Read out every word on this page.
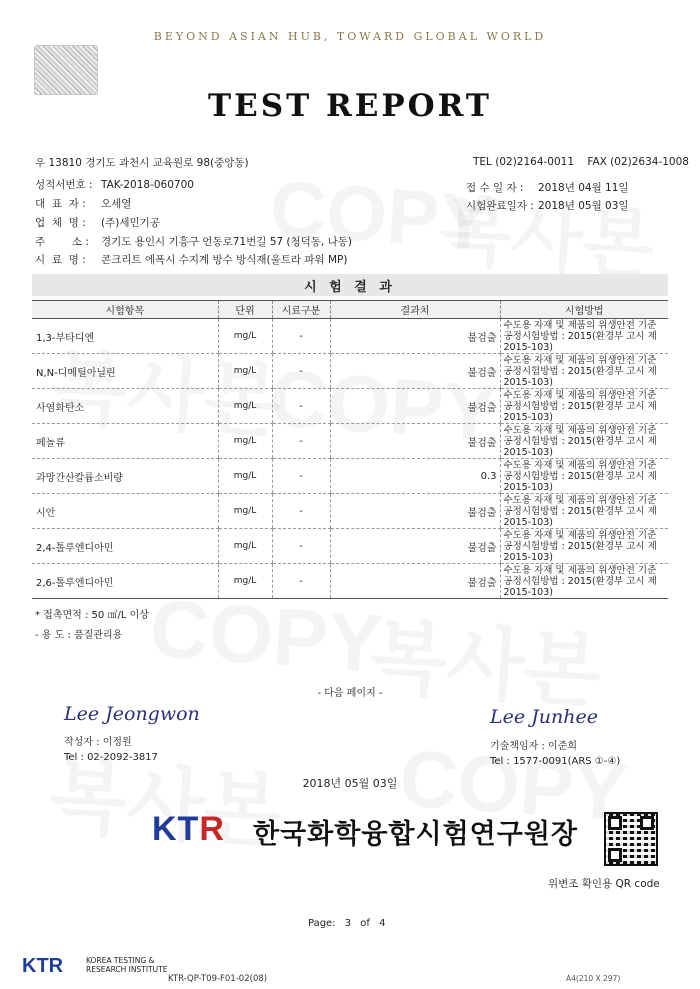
BEYOND ASIAN HUB, TOWARD GLOBAL WORLD
TEST REPORT
우 13810 경기도 과천시 교육원로 98(중앙동)	TEL (02)2164-0011 FAX (02)2634-1008
성적서번호 : TAK-2018-060700
대  표  자 : 오세열
업  체  명 : (주)세민기공
주        소 : 경기도 용인시 기흥구 언동로71번길 57 (청덕동, 나동)
접 수 일 자 : 2018년 04월 11일
시험완료일자 : 2018년 05월 03일
시  료  명 : 콘크리트 에폭시 수지계 방수 방식재(울트라 파워 MP)
시 험 결 과
시험항목	단위	시료구분	결과치	시험방법
1,3-부타디엔	mg/L	-	불검출	수도용 자재 및 제품의 위생안전 기준 공정시험방법 : 2015(환경부 고시 제2015-103)
N,N-디메틸아닐린	mg/L	-	불검출	수도용 자재 및 제품의 위생안전 기준 공정시험방법 : 2015(환경부 고시 제2015-103)
사염화탄소	mg/L	-	불검출	수도용 자재 및 제품의 위생안전 기준 공정시험방법 : 2015(환경부 고시 제2015-103)
페놀류	mg/L	-	불검출	수도용 자재 및 제품의 위생안전 기준 공정시험방법 : 2015(환경부 고시 제2015-103)
과망간산칼륨소비량	mg/L	-	0.3	수도용 자재 및 제품의 위생안전 기준 공정시험방법 : 2015(환경부 고시 제2015-103)
시안	mg/L	-	불검출	수도용 자재 및 제품의 위생안전 기준 공정시험방법 : 2015(환경부 고시 제2015-103)
2,4-톨루엔디아민	mg/L	-	불검출	수도용 자재 및 제품의 위생안전 기준 공정시험방법 : 2015(환경부 고시 제2015-103)
2,6-톨루엔디아민	mg/L	-	불검출	수도용 자재 및 제품의 위생안전 기준 공정시험방법 : 2015(환경부 고시 제2015-103)
* 접촉면적 : 50 ㎠/L 이상
- 용 도 : 품질관리용
- 다음 페이지 -
Lee Jeongwon
작성자 : 이정원
Tel : 02-2092-3817
Lee Junhee
기술책임자 : 이준희
Tel : 1577-0091(ARS ①-④)
2018년 05월 03일
KTR 한국화학융합시험연구원장
위변조 확인용 QR code
Page: 3 of 4
KTR	KOREA TESTING &
RESEARCH INSTITUTE
KTR-QP-T09-F01-02(08)	A4(210 X 297)
